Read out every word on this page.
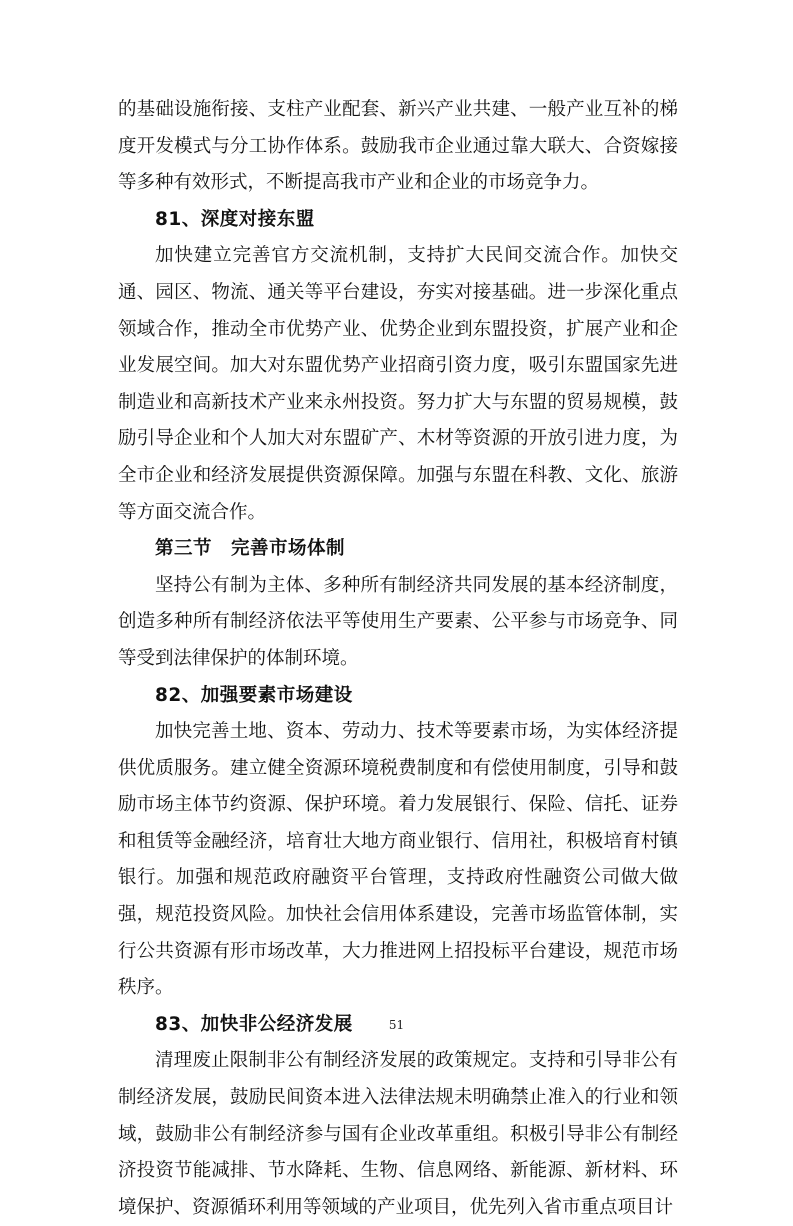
的基础设施衔接、支柱产业配套、新兴产业共建、一般产业互补的梯度开发模式与分工协作体系。鼓励我市企业通过靠大联大、合资嫁接等多种有效形式，不断提高我市产业和企业的市场竞争力。

81、深度对接东盟

加快建立完善官方交流机制，支持扩大民间交流合作。加快交通、园区、物流、通关等平台建设，夯实对接基础。进一步深化重点领域合作，推动全市优势产业、优势企业到东盟投资，扩展产业和企业发展空间。加大对东盟优势产业招商引资力度，吸引东盟国家先进制造业和高新技术产业来永州投资。努力扩大与东盟的贸易规模，鼓励引导企业和个人加大对东盟矿产、木材等资源的开放引进力度，为全市企业和经济发展提供资源保障。加强与东盟在科教、文化、旅游等方面交流合作。

第三节　完善市场体制

坚持公有制为主体、多种所有制经济共同发展的基本经济制度，创造多种所有制经济依法平等使用生产要素、公平参与市场竞争、同等受到法律保护的体制环境。

82、加强要素市场建设

加快完善土地、资本、劳动力、技术等要素市场，为实体经济提供优质服务。建立健全资源环境税费制度和有偿使用制度，引导和鼓励市场主体节约资源、保护环境。着力发展银行、保险、信托、证券和租赁等金融经济，培育壮大地方商业银行、信用社，积极培育村镇银行。加强和规范政府融资平台管理，支持政府性融资公司做大做强，规范投资风险。加快社会信用体系建设，完善市场监管体制，实行公共资源有形市场改革，大力推进网上招投标平台建设，规范市场秩序。

83、加快非公经济发展

清理废止限制非公有制经济发展的政策规定。支持和引导非公有制经济发展，鼓励民间资本进入法律法规未明确禁止准入的行业和领域，鼓励非公有制经济参与国有企业改革重组。积极引导非公有制经济投资节能减排、节水降耗、生物、信息网络、新能源、新材料、环境保护、资源循环利用等领域的产业项目，优先列入省市重点项目计

51
